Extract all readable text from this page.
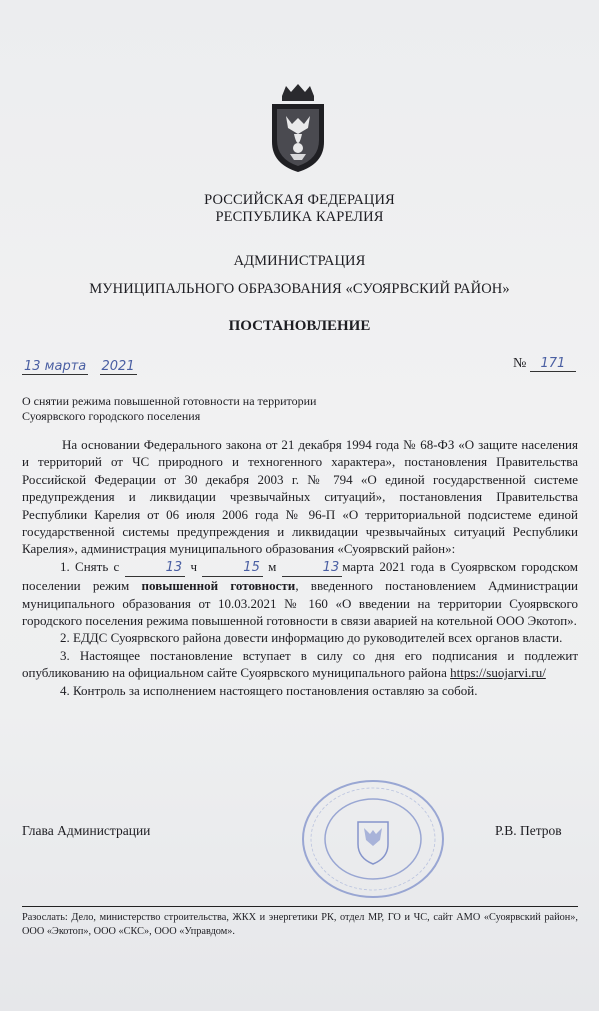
РОССИЙСКАЯ ФЕДЕРАЦИЯ
РЕСПУБЛИКА КАРЕЛИЯ
АДМИНИСТРАЦИЯ
МУНИЦИПАЛЬНОГО ОБРАЗОВАНИЯ «СУОЯРВСКИЙ РАЙОН»
ПОСТАНОВЛЕНИЕ
13 марта 2021	№ 171
О снятии режима повышенной готовности на территории
Суоярвского городского поселения

На основании Федерального закона от 21 декабря 1994 года № 68-ФЗ «О защите населения и территорий от ЧС природного и техногенного характера», постановления Правительства Российской Федерации от 30 декабря 2003 г. № 794 «О единой государственной системе предупреждения и ликвидации чрезвычайных ситуаций», постановления Правительства Республики Карелия от 06 июля 2006 года № 96-П «О территориальной подсистеме единой государственной системы предупреждения и ликвидации чрезвычайных ситуаций Республики Карелия», администрация муниципального образования «Суоярвский район»:

1. Снять с	13 ч	15 м	13 марта 2021 года в Суоярвском городском поселении режим повышенной готовности, введенного постановлением Администрации муниципального образования от 10.03.2021 № 160 «О введении на территории Суоярвского городского поселения режима повышенной готовности в связи аварией на котельной ООО Экотоп».

2. ЕДДС Суоярвского района довести информацию до руководителей всех органов власти.

3. Настоящее постановление вступает в силу со дня его подписания и подлежит опубликованию на официальном сайте Суоярвского муниципального района https://suojarvi.ru/

4. Контроль за исполнением настоящего постановления оставляю за собой.

Глава Администрации	Р.В. Петров
Разослать: Дело, министерство строительства, ЖКХ и энергетики РК, отдел МР, ГО и ЧС, сайт АМО «Суоярвский район», ООО «Экотоп», ООО «СКС», ООО «Управдом».
